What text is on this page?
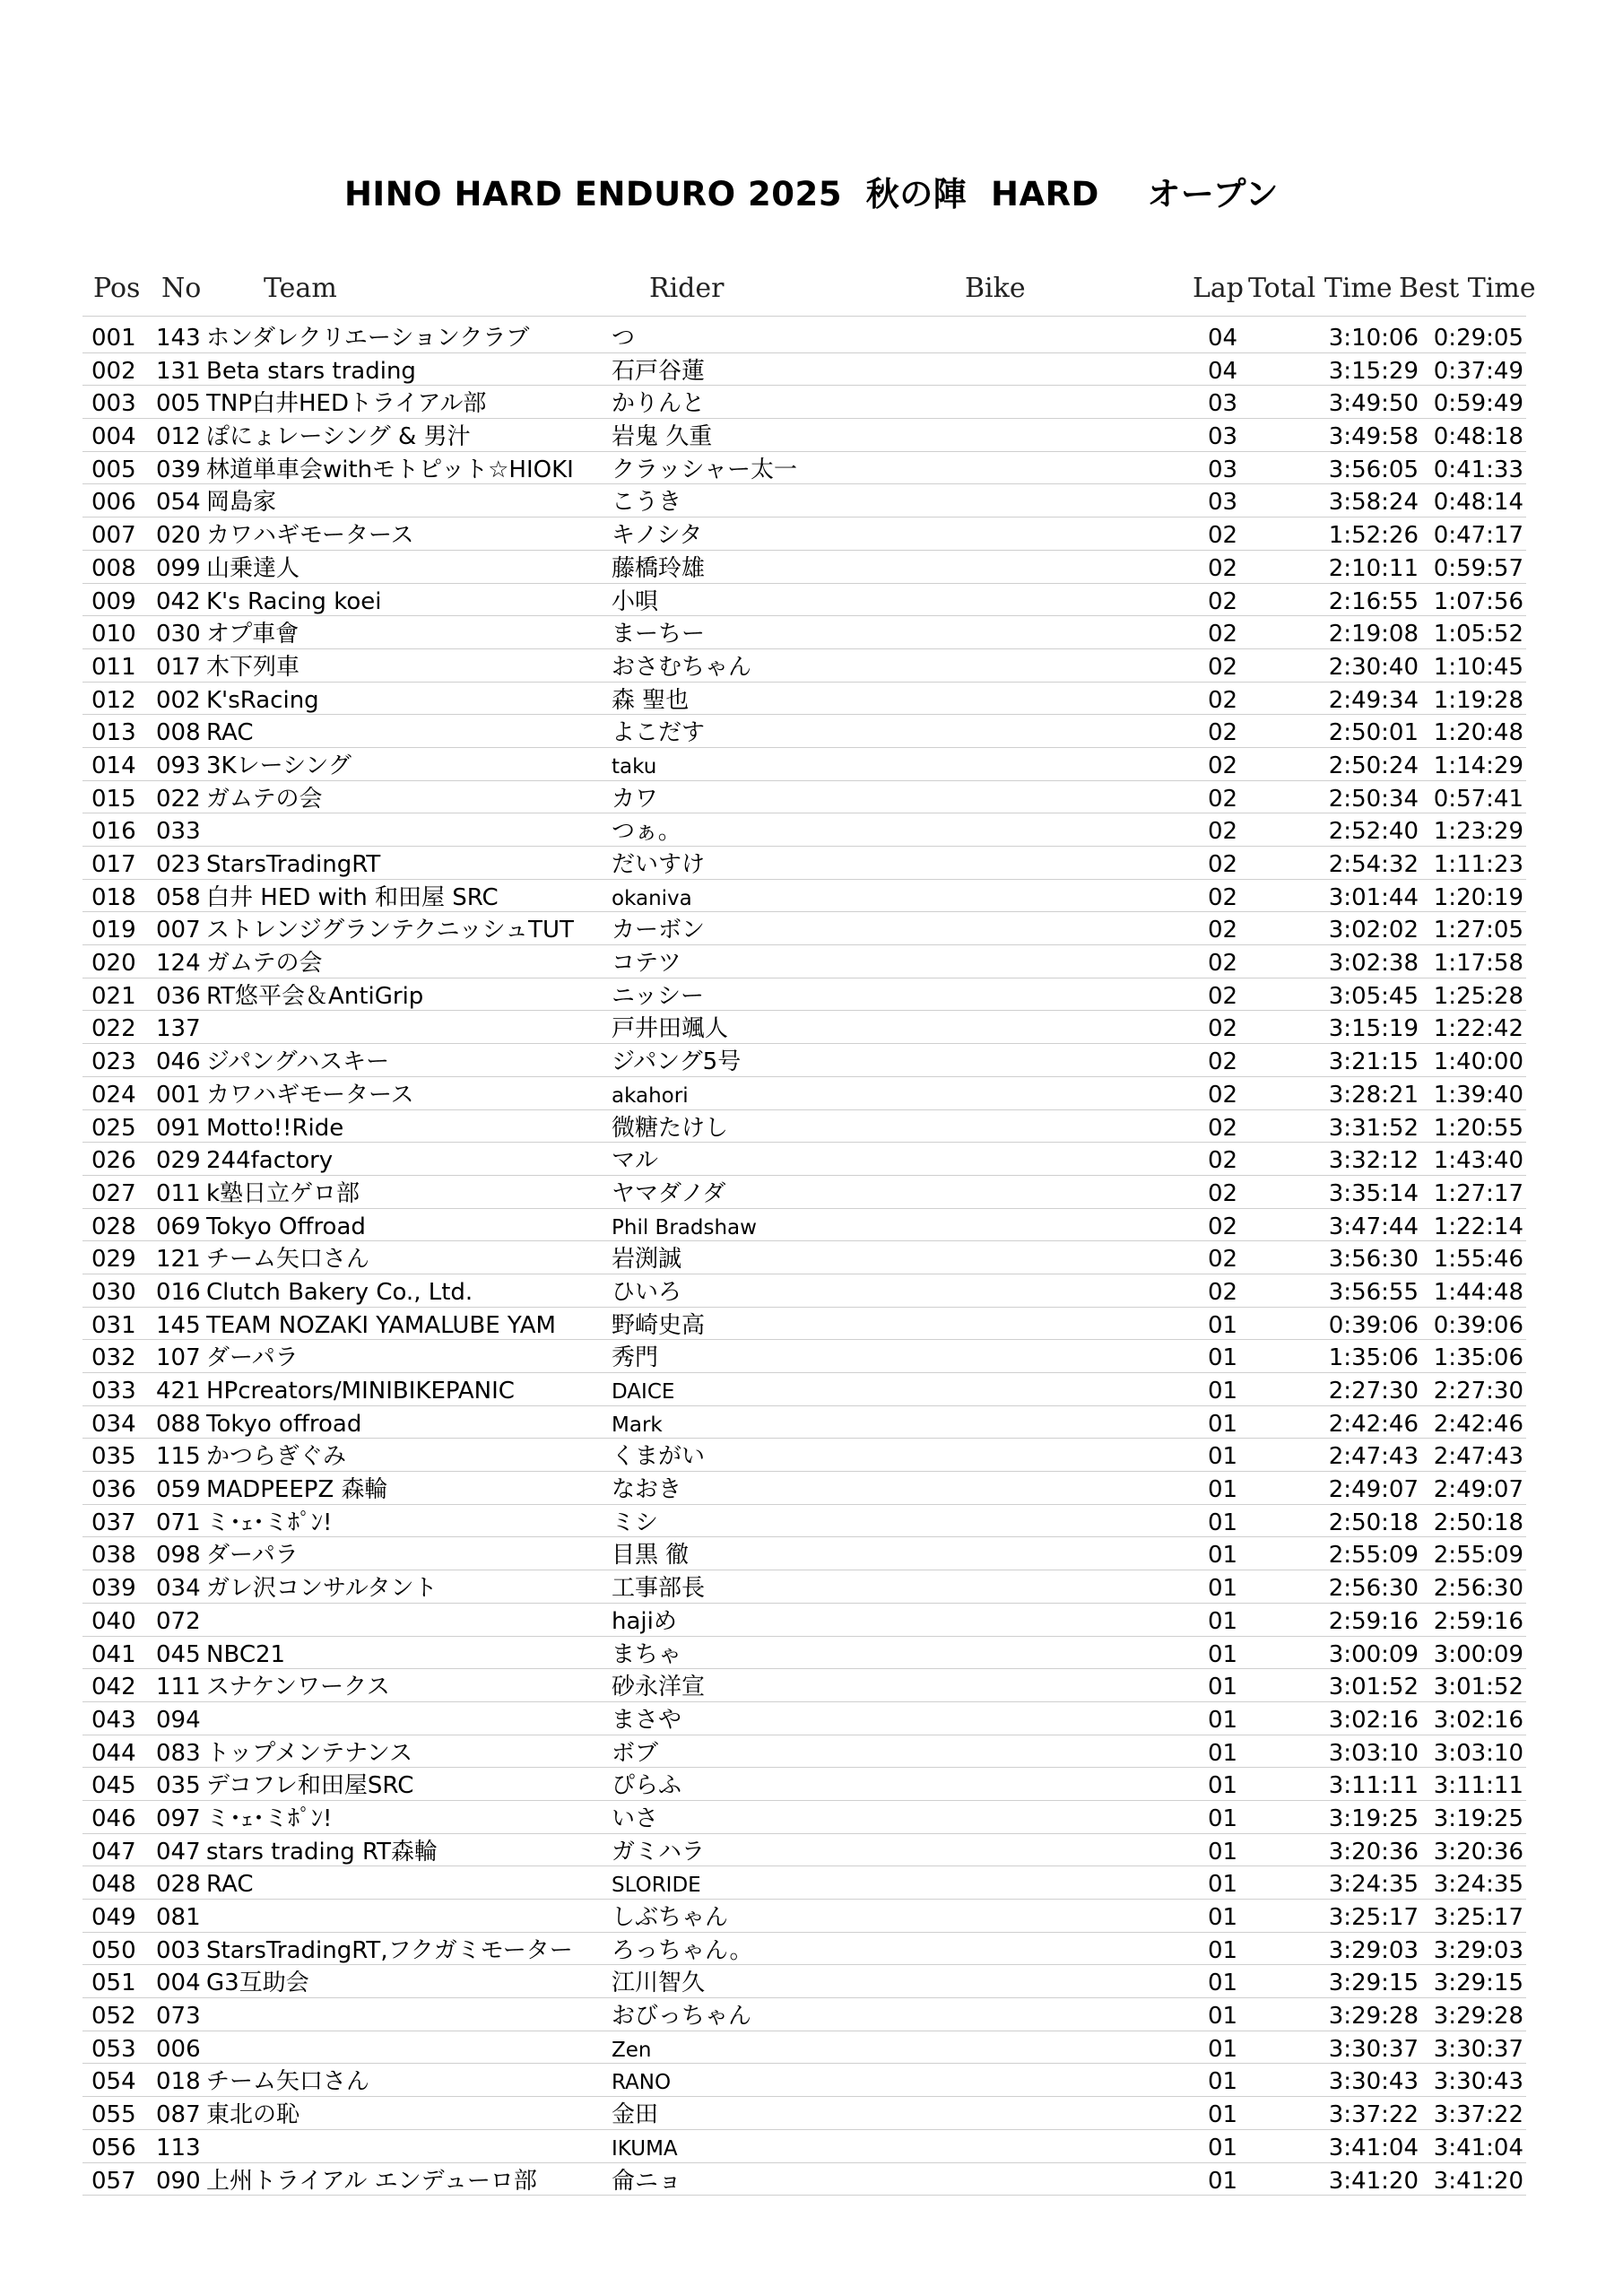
HINO HARD ENDURO 2025  秋の陣  HARD    オープン
Pos No Team	Rider	Bike	Lap Total Time Best Time
001 143 ホンダレクリエーションクラブ	つ	04	3:10:06 0:29:05
002 131 Beta stars trading	石戸谷蓮	04	3:15:29 0:37:49
003 005 TNP白井HEDトライアル部	かりんと	03	3:49:50 0:59:49
004 012 ぽにょレーシング & 男汁	岩鬼 久重	03	3:49:58 0:48:18
005 039 林道単車会withモトピット☆HIOKI	クラッシャー太一	03	3:56:05 0:41:33
006 054 岡島家	こうき	03	3:58:24 0:48:14
007 020 カワハギモータース	キノシタ	02	1:52:26 0:47:17
008 099 山乗達人	藤橋玲雄	02	2:10:11 0:59:57
009 042 K's Racing koei	小唄	02	2:16:55 1:07:56
010 030 オプ車會	まーちー	02	2:19:08 1:05:52
011 017 木下列車	おさむちゃん	02	2:30:40 1:10:45
012 002 K'sRacing	森 聖也	02	2:49:34 1:19:28
013 008 RAC	よこだす	02	2:50:01 1:20:48
014 093 3Kレーシング	taku	02	2:50:24 1:14:29
015 022 ガムテの会	カワ	02	2:50:34 0:57:41
016 033	つぁ。	02	2:52:40 1:23:29
017 023 StarsTradingRT	だいすけ	02	2:54:32 1:11:23
018 058 白井 HED with 和田屋 SRC	okaniva	02	3:01:44 1:20:19
019 007 ストレンジグランテクニッシュTUT	カーボン	02	3:02:02 1:27:05
020 124 ガムテの会	コテツ	02	3:02:38 1:17:58
021 036 RT悠平会＆AntiGrip	ニッシー	02	3:05:45 1:25:28
022 137	戸井田颯人	02	3:15:19 1:22:42
023 046 ジパングハスキー	ジパング5号	02	3:21:15 1:40:00
024 001 カワハギモータース	akahori	02	3:28:21 1:39:40
025 091 Motto!!Ride	微糖たけし	02	3:31:52 1:20:55
026 029 244factory	マル	02	3:32:12 1:43:40
027 011 k塾日立ゲロ部	ヤマダノダ	02	3:35:14 1:27:17
028 069 Tokyo Offroad	Phil Bradshaw	02	3:47:44 1:22:14
029 121 チーム矢口さん	岩渕誠	02	3:56:30 1:55:46
030 016 Clutch Bakery Co., Ltd.	ひいろ	02	3:56:55 1:44:48
031 145 TEAM NOZAKI YAMALUBE YAM	野崎史高	01	0:39:06 0:39:06
032 107 ダーパラ	秀門	01	1:35:06 1:35:06
033 421 HPcreators/MINIBIKEPANIC	DAICE	01	2:27:30 2:27:30
034 088 Tokyo offroad	Mark	01	2:42:46 2:42:46
035 115 かつらぎぐみ	くまがい	01	2:47:43 2:47:43
036 059 MADPEEPZ 森輪	なおき	01	2:49:07 2:49:07
037 071 ミ･ｪ･ミﾎﾟﾝ!	ミシ	01	2:50:18 2:50:18
038 098 ダーパラ	目黒 徹	01	2:55:09 2:55:09
039 034 ガレ沢コンサルタント	工事部長	01	2:56:30 2:56:30
040 072	hajiめ	01	2:59:16 2:59:16
041 045 NBC21	まちゃ	01	3:00:09 3:00:09
042 111 スナケンワークス	砂永洋宣	01	3:01:52 3:01:52
043 094	まさや	01	3:02:16 3:02:16
044 083 トップメンテナンス	ボブ	01	3:03:10 3:03:10
045 035 デコフレ和田屋SRC	ぴらふ	01	3:11:11 3:11:11
046 097 ミ･ｪ･ミﾎﾟﾝ!	いさ	01	3:19:25 3:19:25
047 047 stars trading RT森輪	ガミハラ	01	3:20:36 3:20:36
048 028 RAC	SLORIDE	01	3:24:35 3:24:35
049 081	しぶちゃん	01	3:25:17 3:25:17
050 003 StarsTradingRT,フクガミモーター	ろっちゃん。	01	3:29:03 3:29:03
051 004 G3互助会	江川智久	01	3:29:15 3:29:15
052 073	おびっちゃん	01	3:29:28 3:29:28
053 006	Zen	01	3:30:37 3:30:37
054 018 チーム矢口さん	RANO	01	3:30:43 3:30:43
055 087 東北の恥	金田	01	3:37:22 3:37:22
056 113	IKUMA	01	3:41:04 3:41:04
057 090 上州トライアル エンデューロ部	侖ニョ	01	3:41:20 3:41:20
